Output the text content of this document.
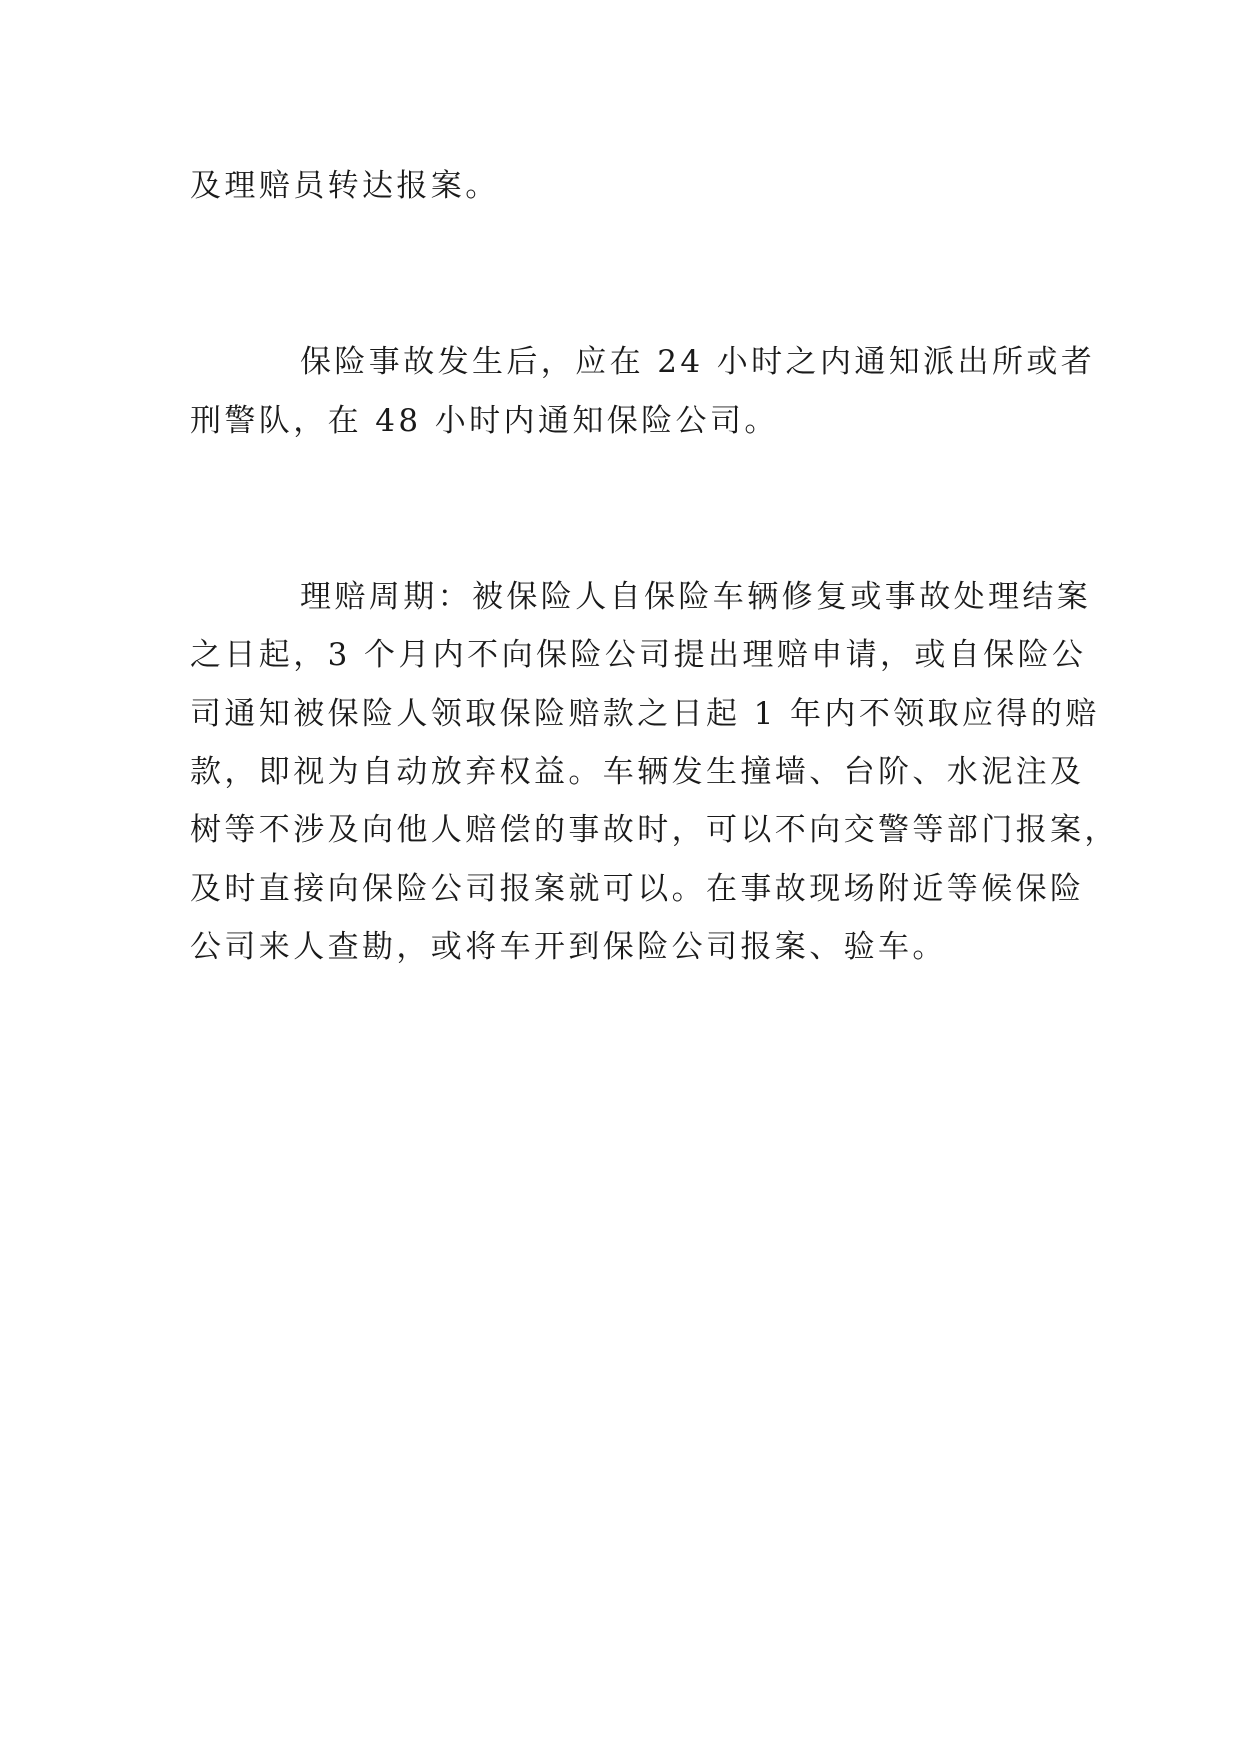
及理赔员转达报案。
保险事故发生后，应在 24 小时之内通知派出所或者
刑警队，在 48 小时内通知保险公司。
理赔周期：被保险人自保险车辆修复或事故处理结案
之日起，3 个月内不向保险公司提出理赔申请，或自保险公
司通知被保险人领取保险赔款之日起 1 年内不领取应得的赔
款，即视为自动放弃权益。车辆发生撞墙、台阶、水泥注及
树等不涉及向他人赔偿的事故时，可以不向交警等部门报案，
及时直接向保险公司报案就可以。在事故现场附近等候保险
公司来人查勘，或将车开到保险公司报案、验车。
